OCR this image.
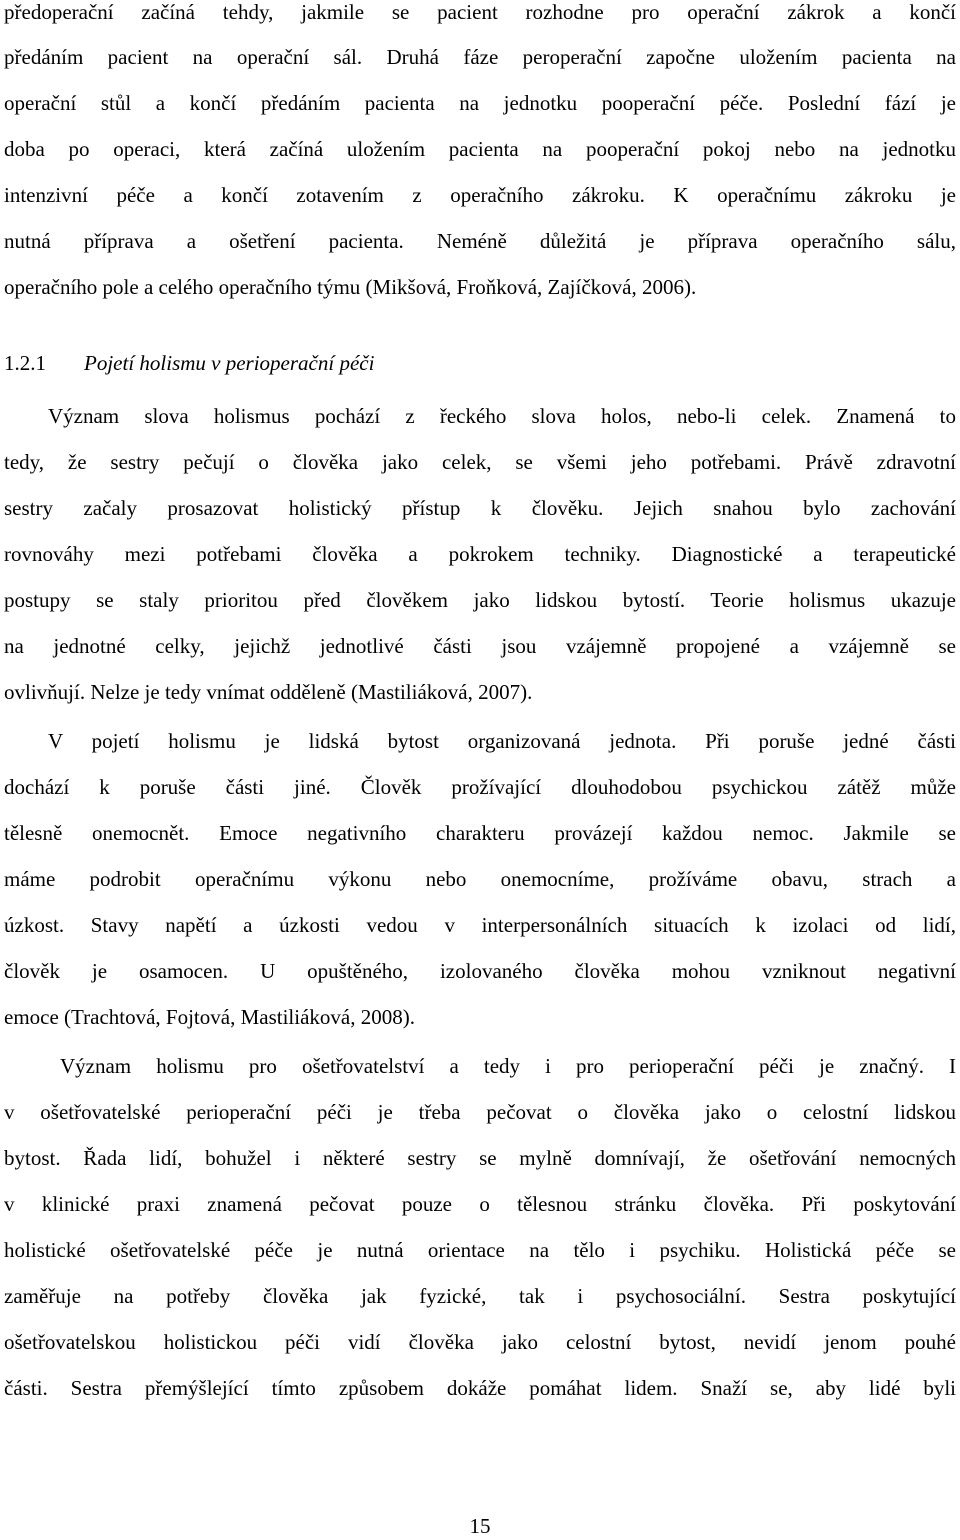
předoperační začíná tehdy, jakmile se pacient rozhodne pro operační zákrok a končí
předáním pacient na operační sál. Druhá fáze peroperační započne uložením pacienta na
operační stůl a končí předáním pacienta na jednotku pooperační péče. Poslední fází je
doba po operaci, která začíná uložením pacienta na pooperační pokoj nebo na jednotku
intenzivní péče a končí zotavením z operačního zákroku. K operačnímu zákroku je
nutná příprava a ošetření pacienta. Neméně důležitá je příprava operačního sálu,
operačního pole a celého operačního týmu (Mikšová, Froňková, Zajíčková, 2006).
1.2.1 Pojetí holismu v perioperační péči
Význam slova holismus pochází z řeckého slova holos, nebo-li celek. Znamená to
tedy, že sestry pečují o člověka jako celek, se všemi jeho potřebami. Právě zdravotní
sestry začaly prosazovat holistický přístup k člověku. Jejich snahou bylo zachování
rovnováhy mezi potřebami člověka a pokrokem techniky. Diagnostické a terapeutické
postupy se staly prioritou před člověkem jako lidskou bytostí. Teorie holismus ukazuje
na jednotné celky, jejichž jednotlivé části jsou vzájemně propojené a vzájemně se
ovlivňují. Nelze je tedy vnímat odděleně (Mastiliáková, 2007).
V pojetí holismu je lidská bytost organizovaná jednota. Při poruše jedné části
dochází k poruše části jiné. Člověk prožívající dlouhodobou psychickou zátěž může
tělesně onemocnět. Emoce negativního charakteru provázejí každou nemoc. Jakmile se
máme podrobit operačnímu výkonu nebo onemocníme, prožíváme obavu, strach a
úzkost. Stavy napětí a úzkosti vedou v interpersonálních situacích k izolaci od lidí,
člověk je osamocen. U opuštěného, izolovaného člověka mohou vzniknout negativní
emoce (Trachtová, Fojtová, Mastiliáková, 2008).
Význam holismu pro ošetřovatelství a tedy i pro perioperační péči je značný. I
v ošetřovatelské perioperační péči je třeba pečovat o člověka jako o celostní lidskou
bytost. Řada lidí, bohužel i některé sestry se mylně domnívají, že ošetřování nemocných
v klinické praxi znamená pečovat pouze o tělesnou stránku člověka. Při poskytování
holistické ošetřovatelské péče je nutná orientace na tělo i psychiku. Holistická péče se
zaměřuje na potřeby člověka jak fyzické, tak i psychosociální. Sestra poskytující
ošetřovatelskou holistickou péči vidí člověka jako celostní bytost, nevidí jenom pouhé
části. Sestra přemýšlející tímto způsobem dokáže pomáhat lidem. Snaží se, aby lidé byli
15
